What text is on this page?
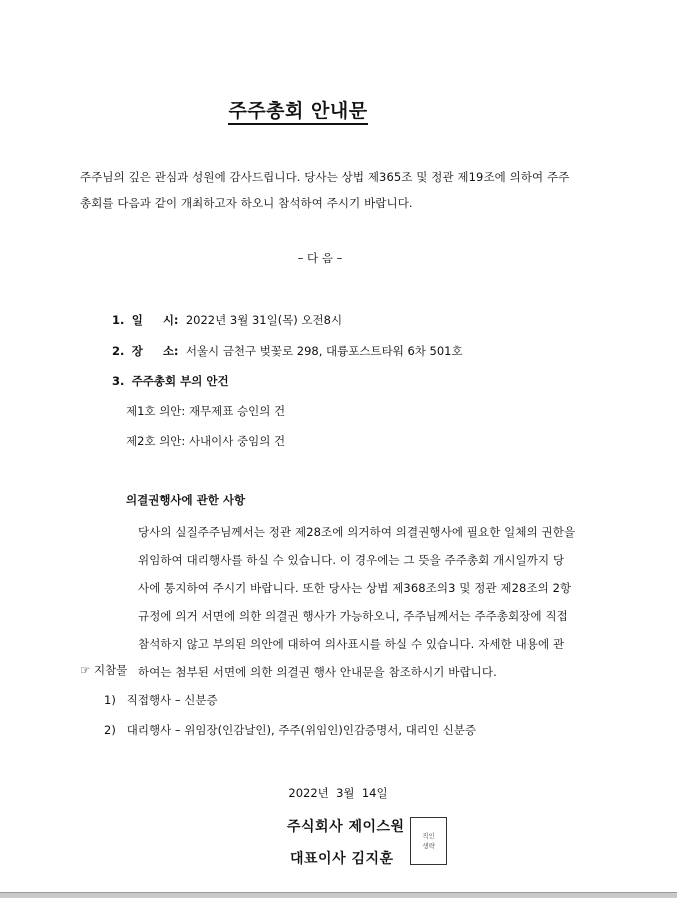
주주총회 안내문

주주님의 깊은 관심과 성원에 감사드립니다. 당사는 상법 제365조 및 정관 제19조에 의하여 주주

총회를 다음과 같이 개최하고자 하오니 참석하여 주시기 바랍니다.

– 다 음 –
1. 일     시: 2022년 3월 31일(목) 오전8시
2. 장     소: 서울시 금천구 벚꽃로 298, 대륭포스트타워 6차 501호
3. 주주총회 부의 안건
제1호 의안: 재무제표 승인의 건
제2호 의안: 사내이사 중임의 건
의결권행사에 관한 사항

당사의 실질주주님께서는 정관 제28조에 의거하여 의결권행사에 필요한 일체의 권한을

위임하여 대리행사를 하실 수 있습니다. 이 경우에는 그 뜻을 주주총회 개시일까지 당

사에 통지하여 주시기 바랍니다. 또한 당사는 상법 제368조의3 및 정관 제28조의 2항

규정에 의거 서면에 의한 의결권 행사가 가능하오니, 주주님께서는 주주총회장에 직접

참석하지 않고 부의된 의안에 대하여 의사표시를 하실 수 있습니다. 자세한 내용에 관

하여는 첨부된 서면에 의한 의결권 행사 안내문을 참조하시기 바랍니다.

☞ 지참물
1) 직접행사 – 신분증
2) 대리행사 – 위임장(인감날인), 주주(위임인)인감증명서, 대리인 신분증
2022년  3월  14일
주식회사 제이스원
대표이사 김지훈
직인
생략
